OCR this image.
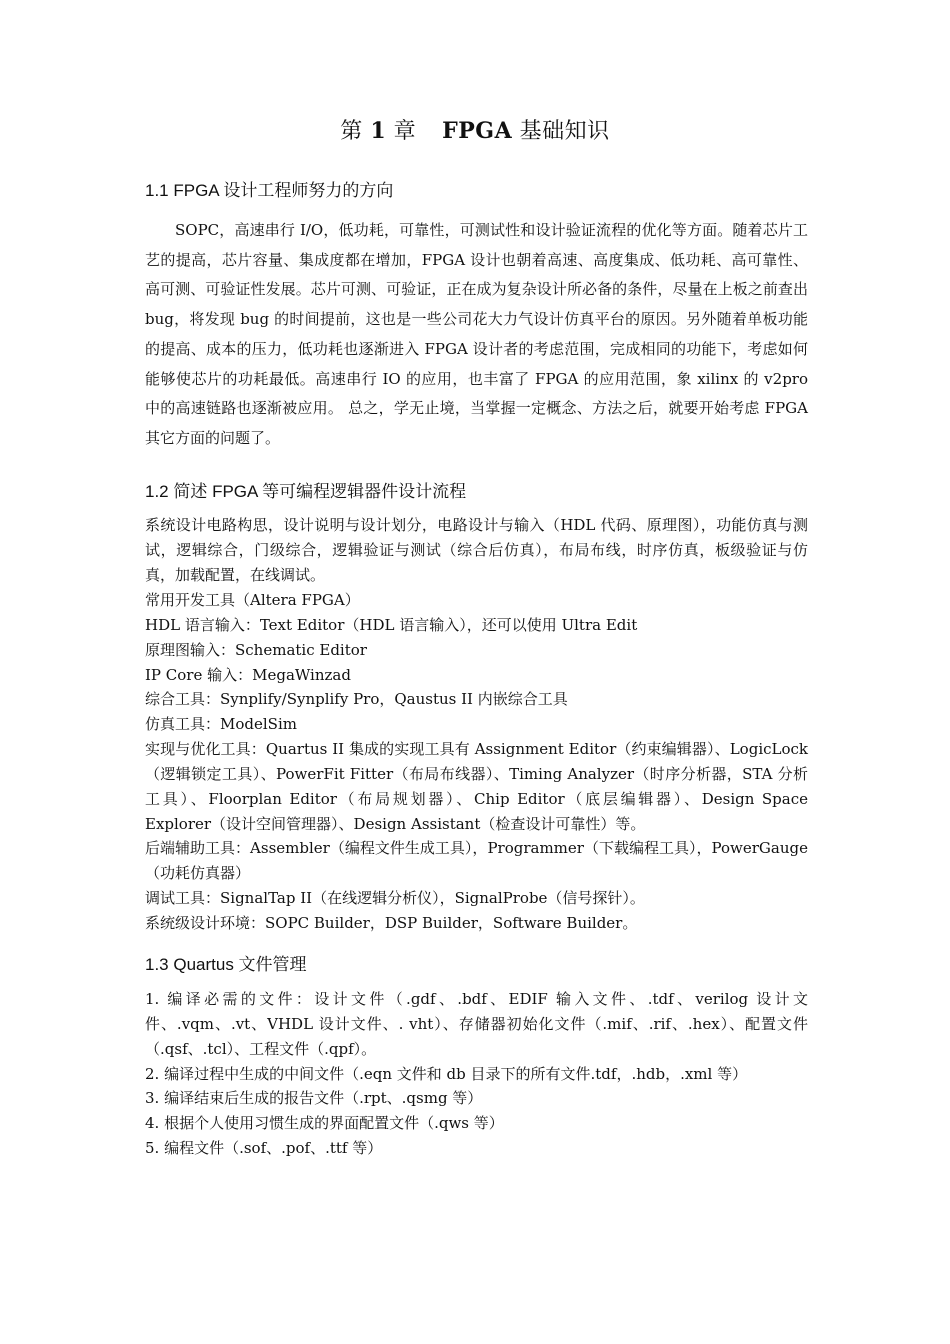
第 1 章 FPGA 基础知识
1.1 FPGA 设计工程师努力的方向
SOPC，高速串行 I/O，低功耗，可靠性，可测试性和设计验证流程的优化等方面。随着芯片工艺的提高，芯片容量、集成度都在增加，FPGA 设计也朝着高速、高度集成、低功耗、高可靠性、高可测、可验证性发展。芯片可测、可验证，正在成为复杂设计所必备的条件，尽量在上板之前查出 bug，将发现 bug 的时间提前，这也是一些公司花大力气设计仿真平台的原因。另外随着单板功能的提高、成本的压力，低功耗也逐渐进入 FPGA 设计者的考虑范围，完成相同的功能下，考虑如何能够使芯片的功耗最低。高速串行 IO 的应用，也丰富了 FPGA 的应用范围，象 xilinx 的 v2pro 中的高速链路也逐渐被应用。 总之，学无止境，当掌握一定概念、方法之后，就要开始考虑 FPGA 其它方面的问题了。
1.2 简述 FPGA 等可编程逻辑器件设计流程
系统设计电路构思，设计说明与设计划分，电路设计与输入（HDL 代码、原理图），功能仿真与测试，逻辑综合，门级综合，逻辑验证与测试（综合后仿真），布局布线，时序仿真，板级验证与仿真，加载配置，在线调试。
常用开发工具（Altera FPGA）
HDL 语言输入：Text Editor（HDL 语言输入），还可以使用 Ultra Edit
原理图输入：Schematic Editor
IP Core 输入：MegaWinzad
综合工具：Synplify/Synplify Pro，Qaustus II 内嵌综合工具
仿真工具：ModelSim
实现与优化工具：Quartus II 集成的实现工具有 Assignment Editor（约束编辑器）、LogicLock（逻辑锁定工具）、PowerFit Fitter（布局布线器）、Timing Analyzer（时序分析器，STA 分析工具）、Floorplan Editor（布局规划器）、Chip Editor（底层编辑器）、Design Space Explorer（设计空间管理器）、Design Assistant（检查设计可靠性）等。
后端辅助工具：Assembler（编程文件生成工具），Programmer（下载编程工具），PowerGauge（功耗仿真器）
调试工具：SignalTap II（在线逻辑分析仪），SignalProbe（信号探针）。
系统级设计环境：SOPC Builder，DSP Builder，Software Builder。
1.3 Quartus 文件管理
1. 编译必需的文件：设计文件（.gdf、.bdf、EDIF 输入文件、.tdf、verilog 设计文件、.vqm、.vt、VHDL 设计文件、. vht）、存储器初始化文件（.mif、.rif、.hex）、配置文件（.qsf、.tcl）、工程文件（.qpf）。
2. 编译过程中生成的中间文件（.eqn 文件和 db 目录下的所有文件.tdf，.hdb，.xml 等）
3. 编译结束后生成的报告文件（.rpt、.qsmg 等）
4. 根据个人使用习惯生成的界面配置文件（.qws 等）
5. 编程文件（.sof、.pof、.ttf 等）
